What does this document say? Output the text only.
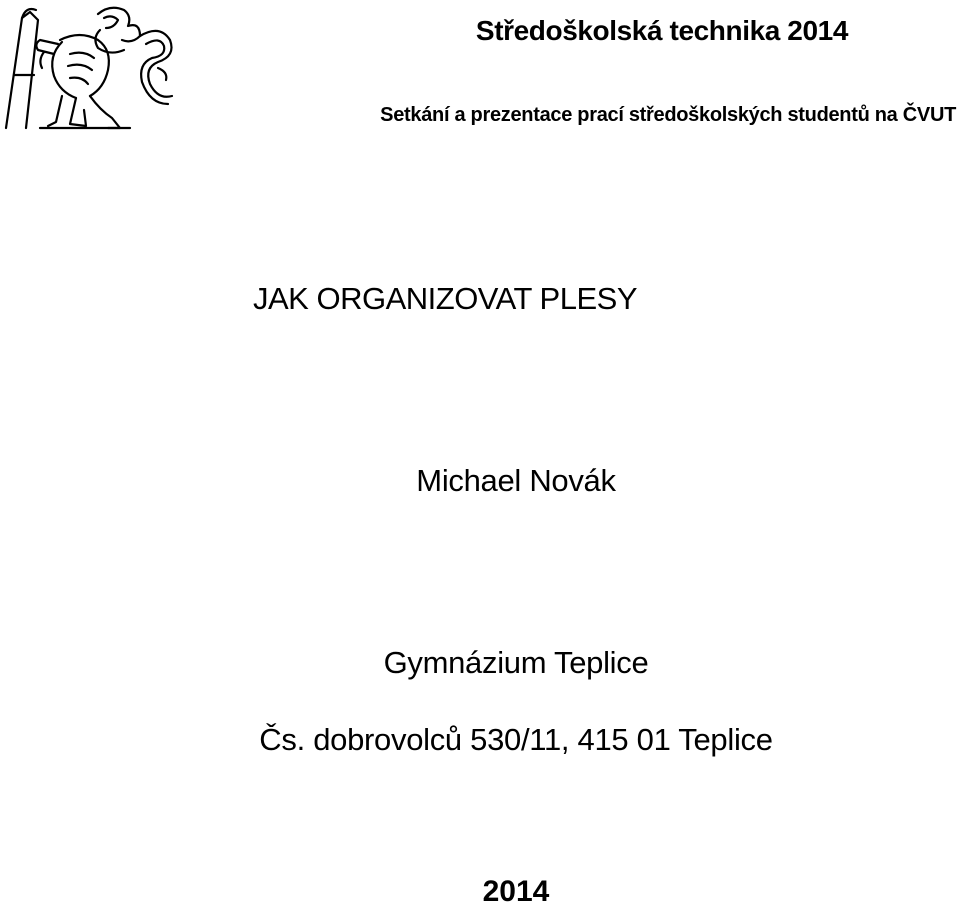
Středoškolská technika 2014
Setkání a prezentace prací středoškolských studentů na ČVUT
JAK ORGANIZOVAT PLESY
Michael Novák
Gymnázium Teplice
Čs. dobrovolců 530/11, 415 01 Teplice
2014
